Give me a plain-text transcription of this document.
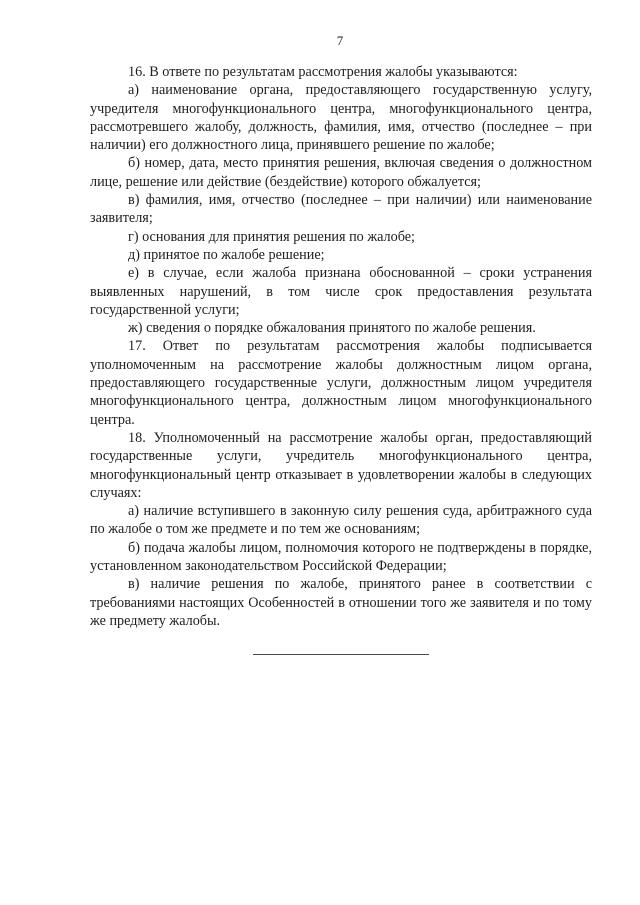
7

16. В ответе по результатам рассмотрения жалобы указываются:

а) наименование органа, предоставляющего государственную услугу, учредителя многофункционального центра, многофункционального центра, рассмотревшего жалобу, должность, фамилия, имя, отчество (последнее – при наличии) его должностного лица, принявшего решение по жалобе;

б) номер, дата, место принятия решения, включая сведения о должностном лице, решение или действие (бездействие) которого обжалуется;

в) фамилия, имя, отчество (последнее – при наличии) или наименование заявителя;

г) основания для принятия решения по жалобе;

д) принятое по жалобе решение;

е) в случае, если жалоба признана обоснованной – сроки устранения выявленных нарушений, в том числе срок предоставления результата государственной услуги;

ж) сведения о порядке обжалования принятого по жалобе решения.

17. Ответ по результатам рассмотрения жалобы подписывается уполномоченным на рассмотрение жалобы должностным лицом органа, предоставляющего государственные услуги, должностным лицом учредителя многофункционального центра, должностным лицом многофункционального центра.

18. Уполномоченный на рассмотрение жалобы орган, предоставляющий государственные услуги, учредитель многофункционального центра, многофункциональный центр отказывает в удовлетворении жалобы в следующих случаях:

а) наличие вступившего в законную силу решения суда, арбитражного суда по жалобе о том же предмете и по тем же основаниям;

б) подача жалобы лицом, полномочия которого не подтверждены в порядке, установленном законодательством Российской Федерации;

в) наличие решения по жалобе, принятого ранее в соответствии с требованиями настоящих Особенностей в отношении того же заявителя и по тому же предмету жалобы.
